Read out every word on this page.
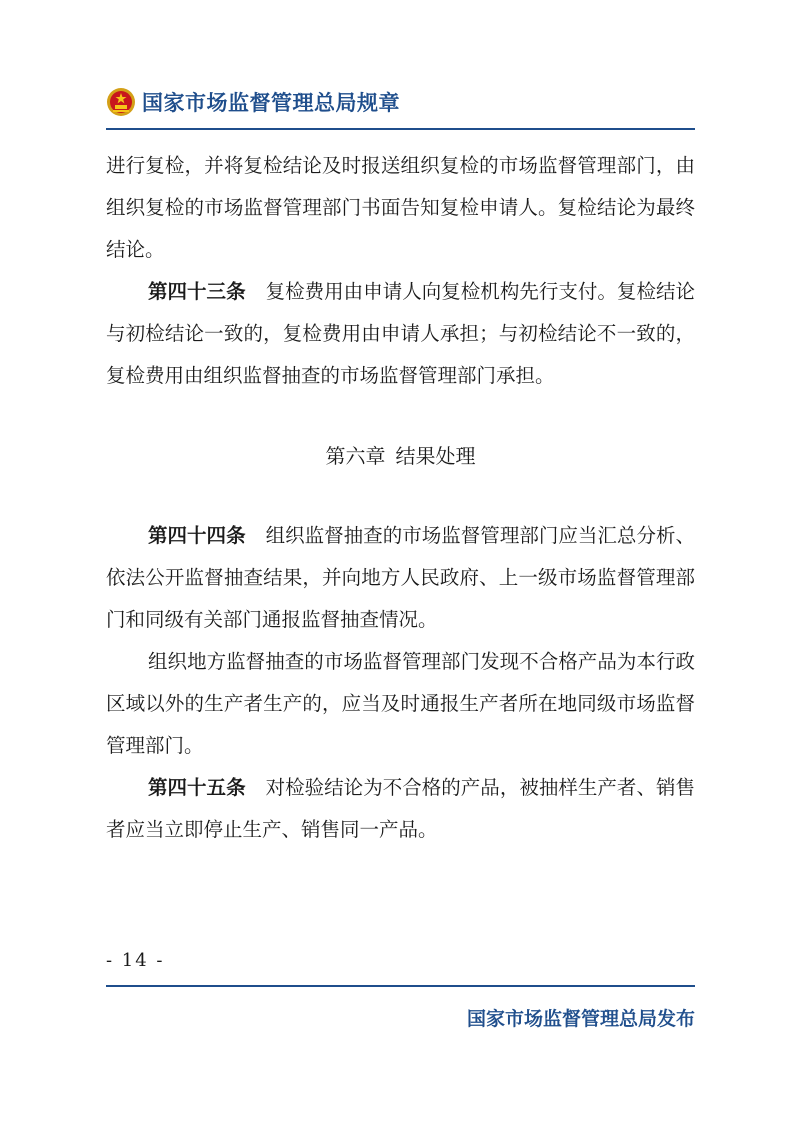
国家市场监督管理总局规章

进行复检，并将复检结论及时报送组织复检的市场监督管理部门，由组织复检的市场监督管理部门书面告知复检申请人。复检结论为最终结论。

第四十三条 复检费用由申请人向复检机构先行支付。复检结论与初检结论一致的，复检费用由申请人承担；与初检结论不一致的，复检费用由组织监督抽查的市场监督管理部门承担。

第六章 结果处理

第四十四条 组织监督抽查的市场监督管理部门应当汇总分析、依法公开监督抽查结果，并向地方人民政府、上一级市场监督管理部门和同级有关部门通报监督抽查情况。

组织地方监督抽查的市场监督管理部门发现不合格产品为本行政区域以外的生产者生产的，应当及时通报生产者所在地同级市场监督管理部门。

第四十五条 对检验结论为不合格的产品，被抽样生产者、销售者应当立即停止生产、销售同一产品。

- 14 -
国家市场监督管理总局发布
